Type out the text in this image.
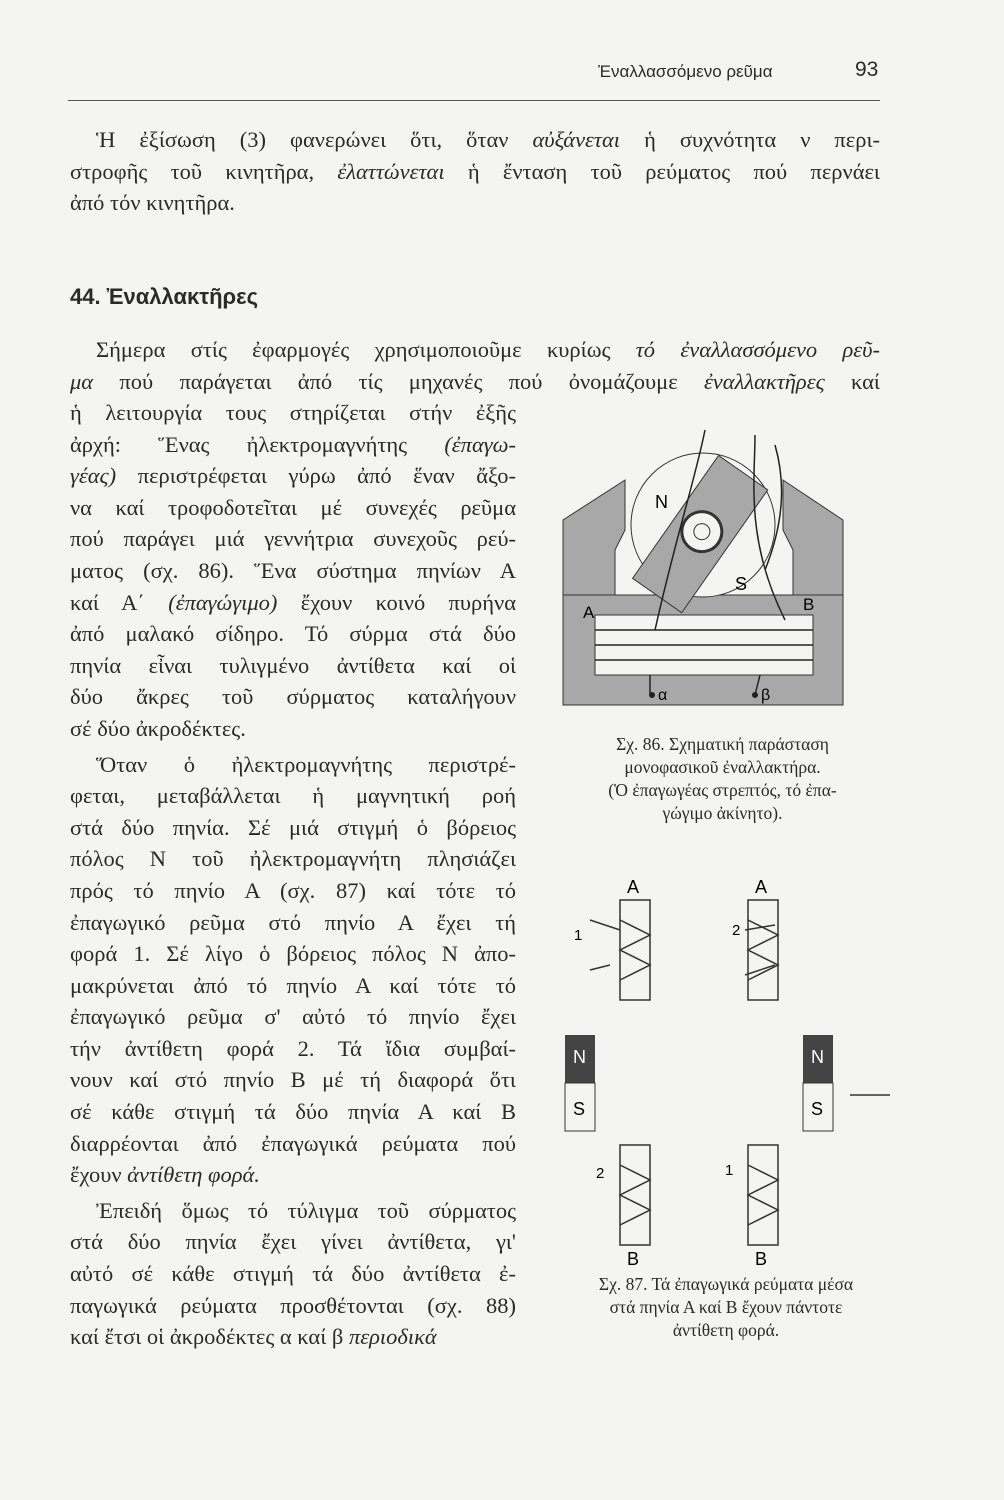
Ἐναλλασσόμενο ρεῦμα	93
Ἡ ἐξίσωση (3) φανερώνει ὅτι, ὅταν αὐξάνεται ἡ συχνότητα ν περι-
στροφῆς τοῦ κινητῆρα, ἐλαττώνεται ἡ ἔνταση τοῦ ρεύματος πού περνάει
ἀπό τόν κινητῆρα.
44. Ἐναλλακτῆρες
Σήμερα στίς ἐφαρμογές χρησιμοποιοῦμε κυρίως τό ἐναλλασσόμενο ρεῦ-
μα πού παράγεται ἀπό τίς μηχανές πού ὀνομάζουμε ἐναλλακτῆρες καί
ἡ λειτουργία τους στηρίζεται στήν ἐξῆς
ἀρχή: Ἕνας ἠλεκτρομαγνήτης (ἐπαγω-
γέας) περιστρέφεται γύρω ἀπό ἕναν ἄξο-
να καί τροφοδοτεῖται μέ συνεχές ρεῦμα
πού παράγει μιά γεννήτρια συνεχοῦς ρεύ-
ματος (σχ. 86). Ἕνα σύστημα πηνίων Α
καί Α΄ (ἐπαγώγιμο) ἔχουν κοινό πυρήνα
ἀπό μαλακό σίδηρο. Τό σύρμα στά δύο
πηνία εἶναι τυλιγμένο ἀντίθετα καί οἱ
δύο ἄκρες τοῦ σύρματος καταλήγουν
σέ δύο ἀκροδέκτες.
Ὅταν ὁ ἠλεκτρομαγνήτης περιστρέ-
φεται, μεταβάλλεται ἡ μαγνητική ροή
στά δύο πηνία. Σέ μιά στιγμή ὁ βόρειος
πόλος Ν τοῦ ἠλεκτρομαγνήτη πλησιάζει
πρός τό πηνίο Α (σχ. 87) καί τότε τό
ἐπαγωγικό ρεῦμα στό πηνίο Α ἔχει τή
φορά 1. Σέ λίγο ὁ βόρειος πόλος Ν ἀπο-
μακρύνεται ἀπό τό πηνίο Α καί τότε τό
ἐπαγωγικό ρεῦμα σ' αὐτό τό πηνίο ἔχει
τήν ἀντίθετη φορά 2. Τά ἴδια συμβαί-
νουν καί στό πηνίο Β μέ τή διαφορά ὅτι
σέ κάθε στιγμή τά δύο πηνία Α καί Β
διαρρέονται ἀπό ἐπαγωγικά ρεύματα πού
ἔχουν ἀντίθετη φορά.
Ἐπειδή ὅμως τό τύλιγμα τοῦ σύρματος
στά δύο πηνία ἔχει γίνει ἀντίθετα, γι'
αὐτό σέ κάθε στιγμή τά δύο ἀντίθετα ἐ-
παγωγικά ρεύματα προσθέτονται (σχ. 88)
καί ἔτσι οἱ ἀκροδέκτες α καί β περιοδικά
N
S
A	B
α	β
Σχ. 86. Σχηματική παράσταση
μονοφασικοῦ ἐναλλακτήρα.
(Ὁ ἐπαγωγέας στρεπτός, τό ἐπα-
γώγιμο ἀκίνητο).
N
S
N
S
A	A
B	B
1	2
2	1
Σχ. 87. Τά ἐπαγωγικά ρεύματα μέσα
στά πηνία Α καί Β ἔχουν πάντοτε
ἀντίθετη φορά.
